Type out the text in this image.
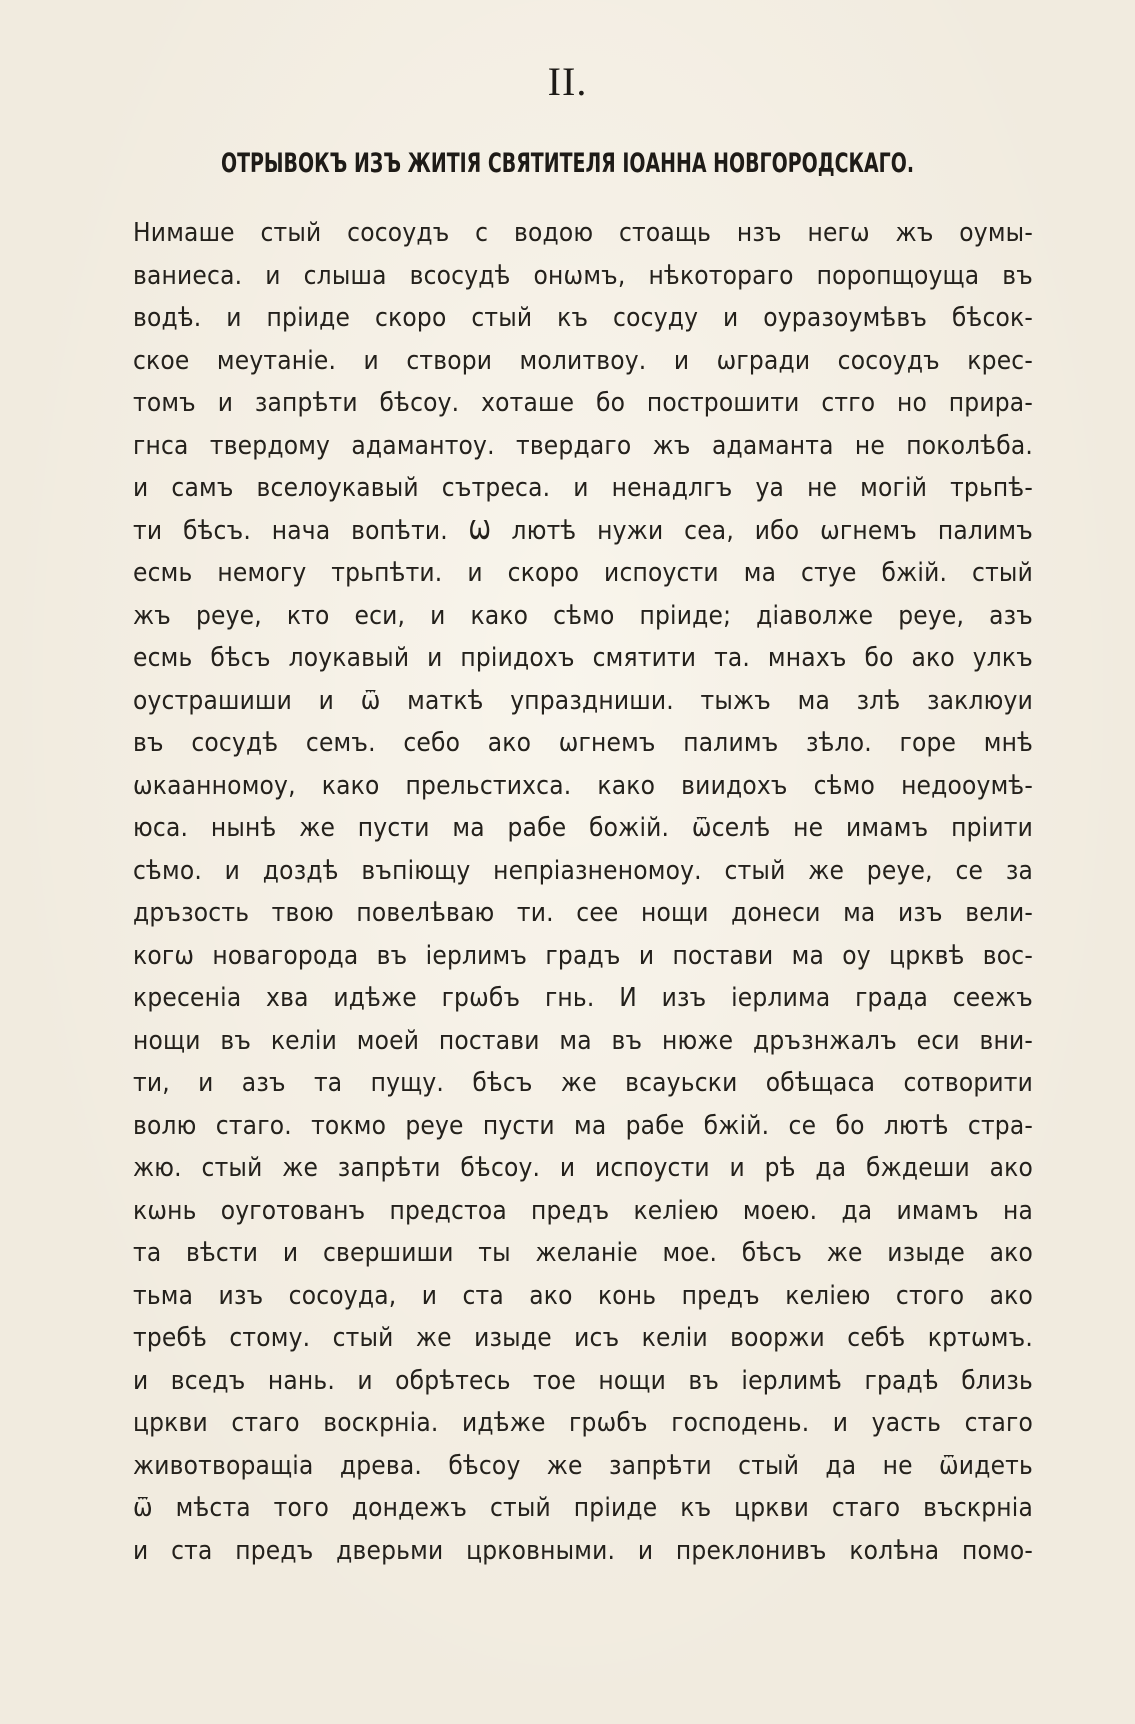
II.
ОТРЫВОКЪ ИЗЪ ЖИТІЯ СВЯТИТЕЛЯ ІОАННА НОВГОРОДСКАГО.
Нимаше стый сосоудъ с водою стоащь нзъ негѡ жъ оумы-
ваниеса. и слыша всосудѣ онѡмъ, нѣкотораго поропщоуща въ
водѣ. и пріиде скоро стый къ сосуду и оуразоумѣвъ бѣсок-
ское меутаніе. и створи молитвоу. и ѡгради сосоудъ крес-
томъ и запрѣти бѣсоу. хоташе бо построшити стго но прира-
гнса твердому адамантоу. твердаго жъ адаманта не поколѣба.
и самъ вселоукавый сътреса. и ненадлгъ уа не могій трьпѣ-
ти бѣсъ. нача вопѣти. Ѡ лютѣ нужи сеа, ибо ѡгнемъ палимъ
есмь немогу трьпѣти. и скоро испоусти ма стуе бжій. стый
жъ реуе, кто еси, и како сѣмо пріиде; діаволже реуе, азъ
есмь бѣсъ лоукавый и пріидохъ смятити та. мнахъ бо ако улкъ
оустрашиши и ѿ маткѣ упраздниши. тыжъ ма злѣ заклюуи
въ сосудѣ семъ. себо ако ѡгнемъ палимъ зѣло. горе мнѣ
ѡкаанномоу, како прельстихса. како виидохъ сѣмо недооумѣ-
юса. нынѣ же пусти ма рабе божій. ѿселѣ не имамъ пріити
сѣмо. и доздѣ въпіющу непріазненомоу. стый же реуе, се за
дръзость твою повелѣваю ти. сее нощи донеси ма изъ вели-
когѡ новагорода въ іерлимъ градъ и постави ма оу црквѣ вос-
кресеніа хва идѣже грѡбъ гнь. И изъ іерлима града сеежъ
нощи въ келіи моей постави ма въ нюже дръзнжалъ еси вни-
ти, и азъ та пущу. бѣсъ же всауьски обѣщаса сотворити
волю стаго. токмо реуе пусти ма рабе бжій. се бо лютѣ стра-
жю. стый же запрѣти бѣсоу. и испоусти и рѣ да бждеши ако
кѡнь оуготованъ предстоа предъ келіею моею. да имамъ на
та вѣсти и свершиши ты желаніе мое. бѣсъ же изыде ако
тьма изъ сосоуда, и ста ако конь предъ келіею стого ако
требѣ стому. стый же изыде исъ келіи вооржи себѣ кртѡмъ.
и вседъ нань. и обрѣтесь тое нощи въ іерлимѣ градѣ близь
цркви стаго воскрніа. идѣже грѡбъ господень. и уасть стаго
животворащіа древа. бѣсоу же запрѣти стый да не ѿидеть
ѿ мѣста того дондежъ стый пріиде къ цркви стаго въскрніа
и ста предъ дверьми црковными. и преклонивъ колѣна помо-
